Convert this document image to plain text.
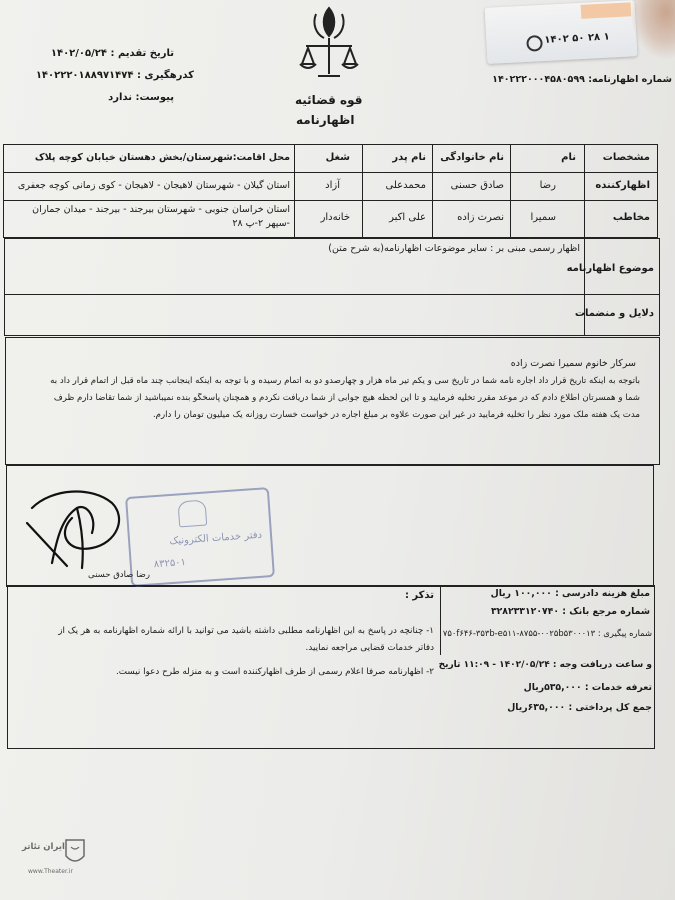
۱۴۰۲ ۵۰ ۲۸ ۱
قوه قضائیه
اظهارنامه
تاریخ تقدیم : ۱۴۰۲/۰۵/۲۴
کدرهگیری : ۱۴۰۲۲۲۰۱۸۸۹۷۱۴۷۴
پیوست: ندارد
شماره اظهارنامه: ۱۴۰۲۲۲۰۰۰۴۵۸۰۵۹۹
مشخصات
نام
نام خانوادگی
نام پدر
شغل
محل اقامت:شهرستان/بخش دهستان خیابان کوچه پلاک
اظهارکننده
رضا
صادق حسنی
محمدعلی
آزاد
استان گیلان - شهرستان لاهیجان - لاهیجان - کوی زمانی کوچه جعفری
مخاطب
سمیرا
نصرت زاده
علی اکبر
خانه‌دار
استان خراسان جنوبی - شهرستان بیرجند - بیرجند - میدان جماران -سپهر ۲-پ ۲۸
موضوع اظهارنامه
اظهار رسمی مبنی بر : سایر موضوعات اظهارنامه(به شرح متن)
دلایل و منضمات
سرکار خانوم سمیرا نصرت زاده
باتوجه به اینکه تاریخ قرار داد اجاره نامه شما در تاریخ سی و یکم تیر ماه هزار و چهارصدو دو به اتمام رسیده و با توجه به اینکه اینجانب چند ماه قبل از اتمام قرار داد به
شما و همسرتان اطلاع دادم که در موعد مقرر تخلیه فرمایید و تا این لحظه هیچ جوابی از شما دریافت نکردم و همچنان پاسخگو بنده نمیباشید از شما تقاضا دارم ظرف
مدت یک هفته ملک مورد نظر را تخلیه فرمایید در غیر این صورت علاوه بر مبلغ اجاره در خواست خسارت روزانه یک میلیون تومان را دارم.
دفتر خدمات الکترونیک
۸۳۲۵۰۱
رضا صادق حسنی
تذکر :
۱- چنانچه در پاسخ به این اظهارنامه مطلبی داشته باشید می توانید با ارائه شماره اظهارنامه به هر یک از
دفاتر خدمات قضایی مراجعه نمایید.
۲- اظهارنامه صرفا اعلام رسمی از طرف اظهارکننده است و به منزله طرح دعوا نیست.
مبلغ هزینه دادرسی : ۱۰۰,۰۰۰ ریال
شماره مرجع بانک : ۳۲۸۲۳۳۱۲۰۷۴۰
شماره پیگیری : ۷۵۰f۶۴۶-۳۵۳b-e۵۱۱-۸۷۵۵-۰۰۲۵b۵۳۰۰۰۱۳
و ساعت دریافت وجه : ۱۴۰۲/۰۵/۲۴ - ۱۱:۰۹ تاریخ
تعرفه خدمات : ۵۳۵,۰۰۰ریال
جمع کل پرداختی : ۶۳۵,۰۰۰ریال
ایران تئاتر
www.Theater.ir
